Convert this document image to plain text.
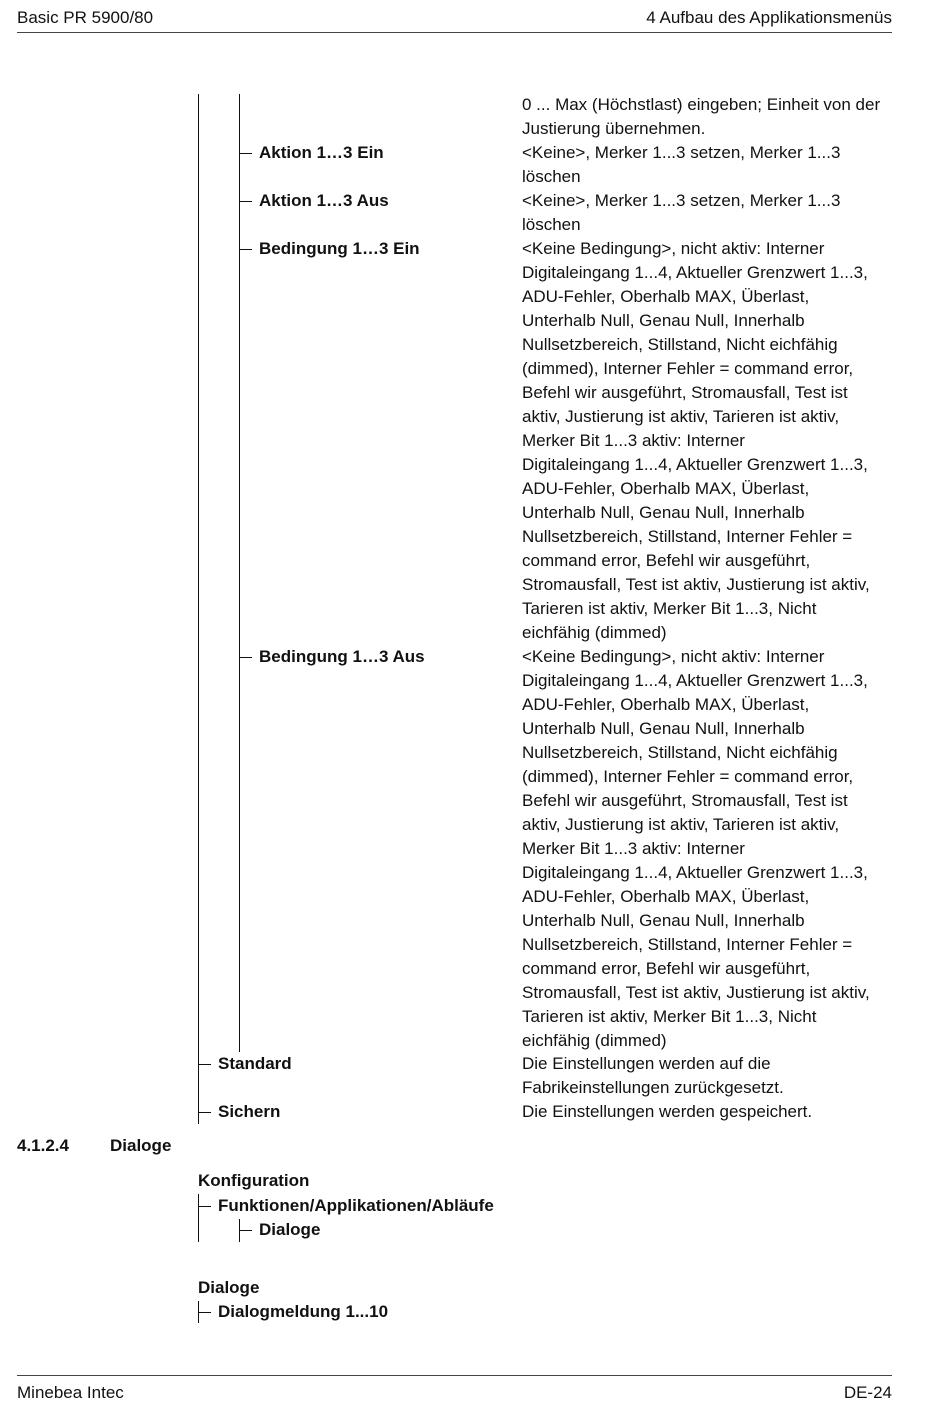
Basic PR 5900/80	4 Aufbau des Applikationsmenüs
0 ... Max (Höchstlast) eingeben; Einheit von der
Justierung übernehmen.
Aktion 1…3 Ein	<Keine>, Merker 1...3 setzen, Merker 1...3
löschen
Aktion 1…3 Aus	<Keine>, Merker 1...3 setzen, Merker 1...3
löschen
Bedingung 1…3 Ein	<Keine Bedingung>, nicht aktiv: Interner
Digitaleingang 1...4, Aktueller Grenzwert 1...3,
ADU-Fehler, Oberhalb MAX, Überlast,
Unterhalb Null, Genau Null, Innerhalb
Nullsetzbereich, Stillstand, Nicht eichfähig
(dimmed), Interner Fehler = command error,
Befehl wir ausgeführt, Stromausfall, Test ist
aktiv, Justierung ist aktiv, Tarieren ist aktiv,
Merker Bit 1...3 aktiv: Interner
Digitaleingang 1...4, Aktueller Grenzwert 1...3,
ADU-Fehler, Oberhalb MAX, Überlast,
Unterhalb Null, Genau Null, Innerhalb
Nullsetzbereich, Stillstand, Interner Fehler =
command error, Befehl wir ausgeführt,
Stromausfall, Test ist aktiv, Justierung ist aktiv,
Tarieren ist aktiv, Merker Bit 1...3, Nicht
eichfähig (dimmed)
Bedingung 1…3 Aus	<Keine Bedingung>, nicht aktiv: Interner
Digitaleingang 1...4, Aktueller Grenzwert 1...3,
ADU-Fehler, Oberhalb MAX, Überlast,
Unterhalb Null, Genau Null, Innerhalb
Nullsetzbereich, Stillstand, Nicht eichfähig
(dimmed), Interner Fehler = command error,
Befehl wir ausgeführt, Stromausfall, Test ist
aktiv, Justierung ist aktiv, Tarieren ist aktiv,
Merker Bit 1...3 aktiv: Interner
Digitaleingang 1...4, Aktueller Grenzwert 1...3,
ADU-Fehler, Oberhalb MAX, Überlast,
Unterhalb Null, Genau Null, Innerhalb
Nullsetzbereich, Stillstand, Interner Fehler =
command error, Befehl wir ausgeführt,
Stromausfall, Test ist aktiv, Justierung ist aktiv,
Tarieren ist aktiv, Merker Bit 1...3, Nicht
eichfähig (dimmed)
Standard	Die Einstellungen werden auf die
Fabrikeinstellungen zurückgesetzt.
Sichern	Die Einstellungen werden gespeichert.
4.1.2.4 Dialoge
Konfiguration
Funktionen/Applikationen/Abläufe
Dialoge
Dialoge
Dialogmeldung 1...10
Minebea Intec	DE-24
